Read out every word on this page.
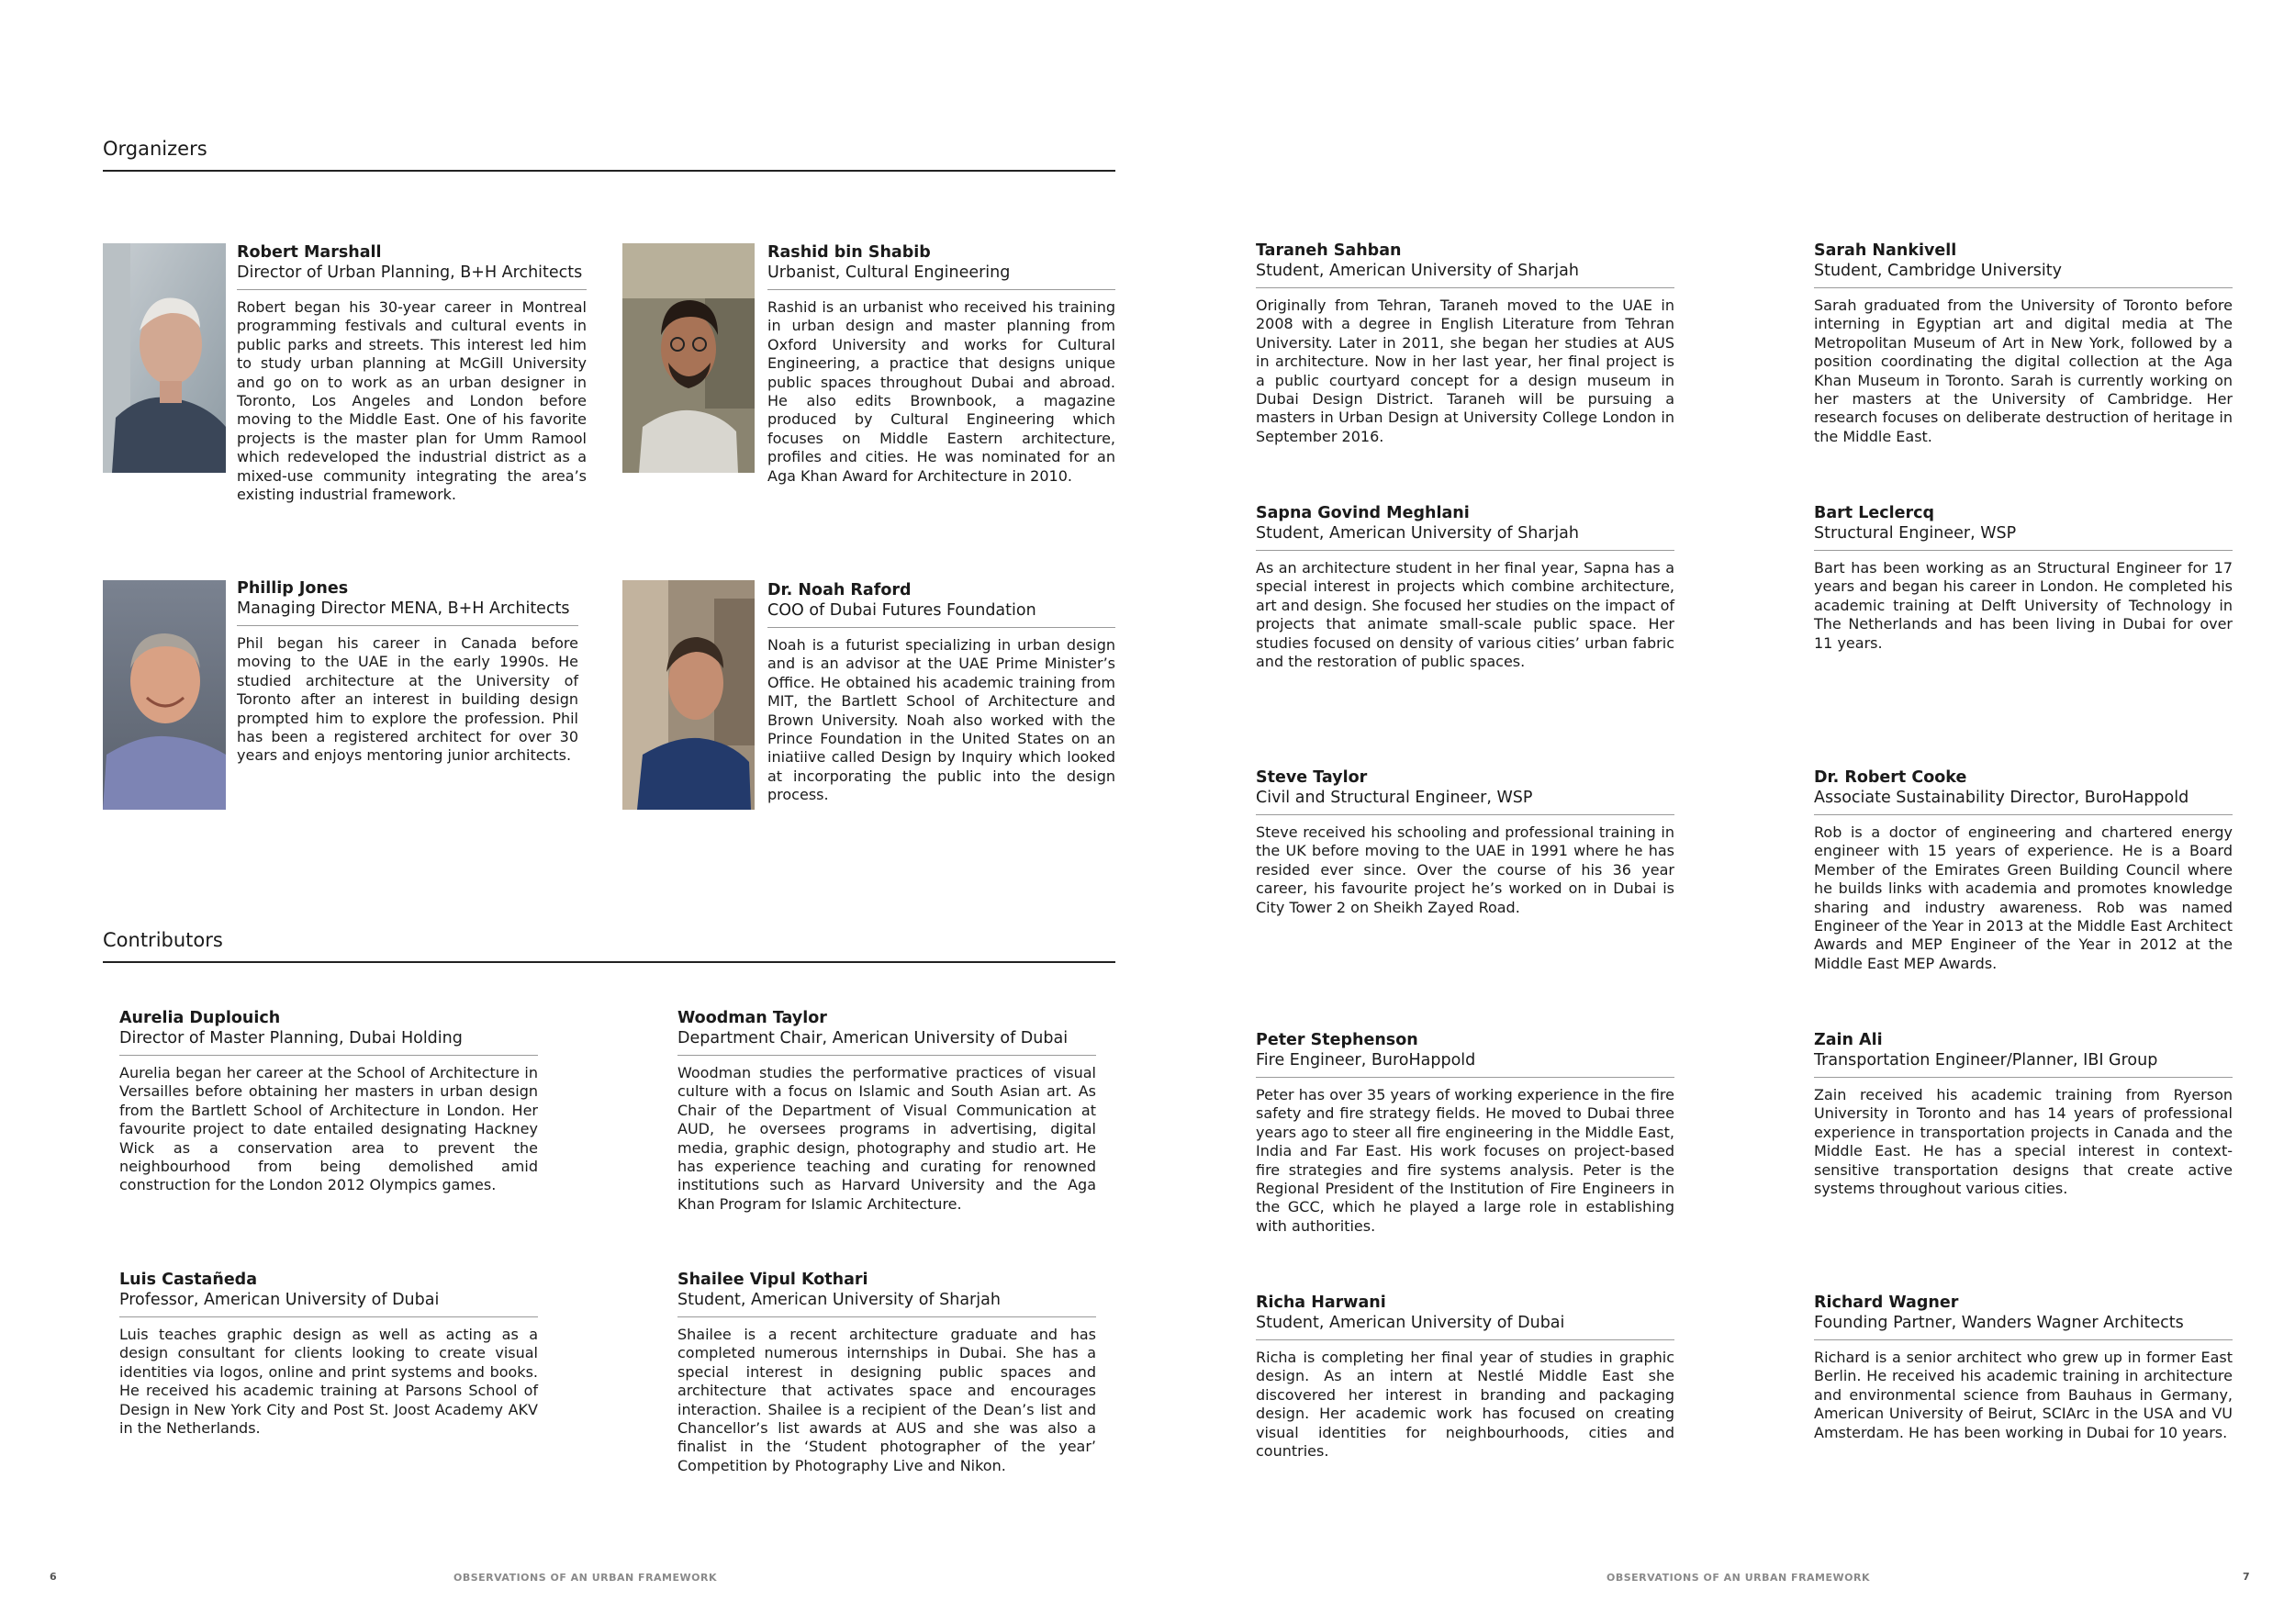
Organizers
Contributors
Robert Marshall
Director of Urban Planning, B+H Architects
Robert began his 30-year career in Montreal programming festivals and cultural events in public parks and streets. This interest led him to study urban planning at McGill University and go on to work as an urban designer in Toronto, Los Angeles and London before moving to the Middle East. One of his favorite projects is the master plan for Umm Ramool which redeveloped the industrial district as a mixed-use community integrating the area’s existing industrial framework.
Rashid bin Shabib
Urbanist, Cultural Engineering
Rashid is an urbanist who received his training in urban design and master planning from Oxford University and works for Cultural Engineering, a practice that designs unique public spaces throughout Dubai and abroad. He also edits Brownbook, a magazine produced by Cultural Engineering which focuses on Middle Eastern architecture, profiles and cities. He was nominated for an Aga Khan Award for Architecture in 2010.
Phillip Jones
Managing Director MENA, B+H Architects
Phil began his career in Canada before moving to the UAE in the early 1990s. He studied architecture at the University of Toronto after an interest in building design prompted him to explore the profession. Phil has been a registered architect for over 30 years and enjoys mentoring junior architects.
Dr. Noah Raford
COO of Dubai Futures Foundation
Noah is a futurist specializing in urban design and is an advisor at the UAE Prime Minister’s Office. He obtained his academic training from MIT, the Bartlett School of Architecture and Brown University. Noah also worked with the Prince Foundation in the United States on an iniatiive called Design by Inquiry which looked at incorporating the public into the design process.
Aurelia Duplouich
Director of Master Planning, Dubai Holding
Aurelia began her career at the School of Architecture in Versailles before obtaining her masters in urban design from the Bartlett School of Architecture in London. Her favourite project to date entailed designating Hackney Wick as a conservation area to prevent the neighbourhood from being demolished amid construction for the London 2012 Olympics games.
Woodman Taylor
Department Chair, American University of Dubai
Woodman studies the performative practices of visual culture with a focus on Islamic and South Asian art. As Chair of the Department of Visual Communication at AUD, he oversees programs in advertising, digital media, graphic design, photography and studio art. He has experience teaching and curating for renowned institutions such as Harvard University and the Aga Khan Program for Islamic Architecture.
Luis Castañeda
Professor, American University of Dubai
Luis teaches graphic design as well as acting as a design consultant for clients looking to create visual identities via logos, online and print systems and books. He received his academic training at Parsons School of Design in New York City and Post St. Joost Academy AKV in the Netherlands.
Shailee Vipul Kothari
Student, American University of Sharjah
Shailee is a recent architecture graduate and has completed numerous internships in Dubai. She has a special interest in designing public spaces and architecture that activates space and encourages interaction. Shailee is a recipient of the Dean’s list and Chancellor’s list awards at AUS and she was also a finalist in the ‘Student photographer of the year’ Competition by Photography Live and Nikon.
Taraneh Sahban
Student, American University of Sharjah
Originally from Tehran, Taraneh moved to the UAE in 2008 with a degree in English Literature from Tehran University. Later in 2011, she began her studies at AUS in architecture. Now in her last year, her final project is a public courtyard concept for a design museum in Dubai Design District. Taraneh will be pursuing a masters in Urban Design at University College London in September 2016.
Sarah Nankivell
Student, Cambridge University
Sarah graduated from the University of Toronto before interning in Egyptian art and digital media at The Metropolitan Museum of Art in New York, followed by a position coordinating the digital collection at the Aga Khan Museum in Toronto. Sarah is currently working on her masters at the University of Cambridge. Her research focuses on deliberate destruction of heritage in the Middle East.
Sapna Govind Meghlani
Student, American University of Sharjah
As an architecture student in her final year, Sapna has a special interest in projects which combine architecture, art and design. She focused her studies on the impact of projects that animate small-scale public space. Her studies focused on density of various cities’ urban fabric and the restoration of public spaces.
Bart Leclercq
Structural Engineer, WSP
Bart has been working as an Structural Engineer for 17 years and began his career in London. He completed his academic training at Delft University of Technology in The Netherlands and has been living in Dubai for over 11 years.
Steve Taylor
Civil and Structural Engineer, WSP
Steve received his schooling and professional training in the UK before moving to the UAE in 1991 where he has resided ever since. Over the course of his 36 year career, his favourite project he’s worked on in Dubai is City Tower 2 on Sheikh Zayed Road.
Dr. Robert Cooke
Associate Sustainability Director, BuroHappold
Rob is a doctor of engineering and chartered energy engineer with 15 years of experience. He is a Board Member of the Emirates Green Building Council where he builds links with academia and promotes knowledge sharing and industry awareness. Rob was named Engineer of the Year in 2013 at the Middle East Architect Awards and MEP Engineer of the Year in 2012 at the Middle East MEP Awards.
Peter Stephenson
Fire Engineer, BuroHappold
Peter has over 35 years of working experience in the fire safety and fire strategy fields. He moved to Dubai three years ago to steer all fire engineering in the Middle East, India and Far East. His work focuses on project-based fire strategies and fire systems analysis. Peter is the Regional President of the Institution of Fire Engineers in the GCC, which he played a large role in establishing with authorities.
Zain Ali
Transportation Engineer/Planner, IBI Group
Zain received his academic training from Ryerson University in Toronto and has 14 years of professional experience in transportation projects in Canada and the Middle East. He has a special interest in context-sensitive transportation designs that create active systems throughout various cities.
Richa Harwani
Student, American University of Dubai
Richa is completing her final year of studies in graphic design. As an intern at Nestlé Middle East she discovered her interest in branding and packaging design. Her academic work has focused on creating visual identities for neighbourhoods, cities and countries.
Richard Wagner
Founding Partner, Wanders Wagner Architects
Richard is a senior architect who grew up in former East Berlin. He received his academic training in architecture and environmental science from Bauhaus in Germany, American University of Beirut, SCIArc in the USA and VU Amsterdam. He has been working in Dubai for 10 years.
6	OBSERVATIONS OF AN URBAN FRAMEWORK	OBSERVATIONS OF AN URBAN FRAMEWORK	7
